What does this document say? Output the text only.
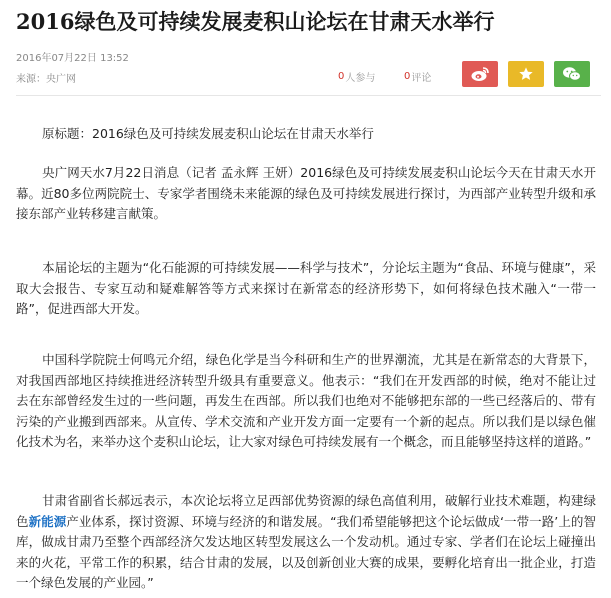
2016绿色及可持续发展麦积山论坛在甘肃天水举行
2016年07月22日 13:52
来源：央广网	0 人参与	0 评论

原标题：2016绿色及可持续发展麦积山论坛在甘肃天水举行

央广网天水7月22日消息（记者 孟永辉 王妍）2016绿色及可持续发展麦积山论坛今天在甘肃天水开幕。近80多位两院院士、专家学者围绕未来能源的绿色及可持续发展进行探讨，为西部产业转型升级和承接东部产业转移建言献策。

本届论坛的主题为“化石能源的可持续发展——科学与技术”，分论坛主题为“食品、环境与健康”，采取大会报告、专家互动和疑难解答等方式来探讨在新常态的经济形势下，如何将绿色技术融入“一带一路”，促进西部大开发。

中国科学院院士何鸣元介绍，绿色化学是当今科研和生产的世界潮流，尤其是在新常态的大背景下，对我国西部地区持续推进经济转型升级具有重要意义。他表示：“我们在开发西部的时候，绝对不能让过去在东部曾经发生过的一些问题，再发生在西部。所以我们也绝对不能够把东部的一些已经落后的、带有污染的产业搬到西部来。从宣传、学术交流和产业开发方面一定要有一个新的起点。所以我们是以绿色催化技术为名，来举办这个麦积山论坛，让大家对绿色可持续发展有一个概念，而且能够坚持这样的道路。”

甘肃省副省长郝远表示，本次论坛将立足西部优势资源的绿色高值利用，破解行业技术难题，构建绿色新能源产业体系，探讨资源、环境与经济的和谐发展。“我们希望能够把这个论坛做成‘一带一路’上的智库，做成甘肃乃至整个西部经济欠发达地区转型发展这么一个发动机。通过专家、学者们在论坛上碰撞出来的火花，平常工作的积累，结合甘肃的发展，以及创新创业大赛的成果，要孵化培育出一批企业，打造一个绿色发展的产业园。”
